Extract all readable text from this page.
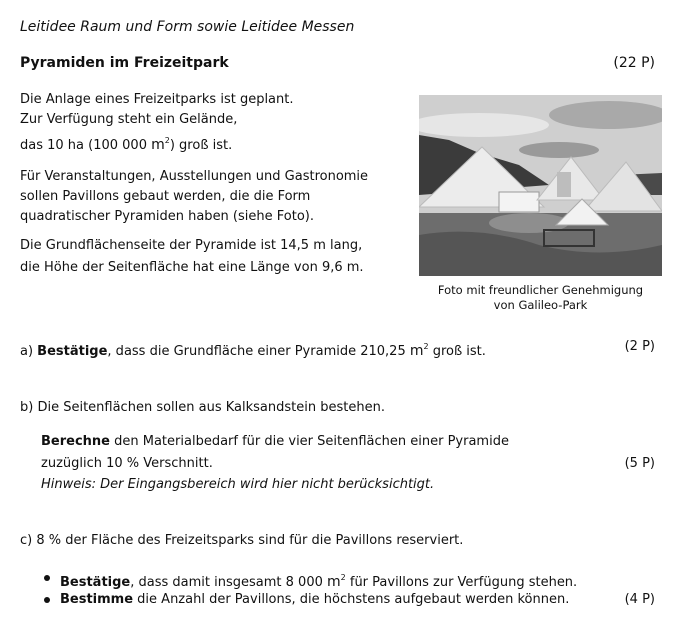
Leitidee Raum und Form sowie Leitidee Messen
Pyramiden im Freizeitpark	(22 P)
Die Anlage eines Freizeitparks ist geplant.
Zur Verfügung steht ein Gelände,
das 10 ha (100 000 $m^2$) groß ist.
Für Veranstaltungen, Ausstellungen und Gastronomie
sollen Pavillons gebaut werden, die die Form
quadratischer Pyramiden haben (siehe Foto).
Die Grundflächenseite der Pyramide ist 14,5 m lang,
die Höhe der Seitenfläche hat eine Länge von 9,6 m.
Foto mit freundlicher Genehmigung
von Galileo-Park
a) Bestätige, dass die Grundfläche einer Pyramide 210,25 $m^2$ groß ist.	(2 P)
b) Die Seitenflächen sollen aus Kalksandstein bestehen.
Berechne den Materialbedarf für die vier Seitenflächen einer Pyramide
zuzüglich 10 % Verschnitt.	(5 P)
Hinweis: Der Eingangsbereich wird hier nicht berücksichtigt.
c) 8 % der Fläche des Freizeitsparks sind für die Pavillons reserviert.
Bestätige, dass damit insgesamt 8 000 $m^2$ für Pavillons zur Verfügung stehen.
Bestimme die Anzahl der Pavillons, die höchstens aufgebaut werden können.	(4 P)
